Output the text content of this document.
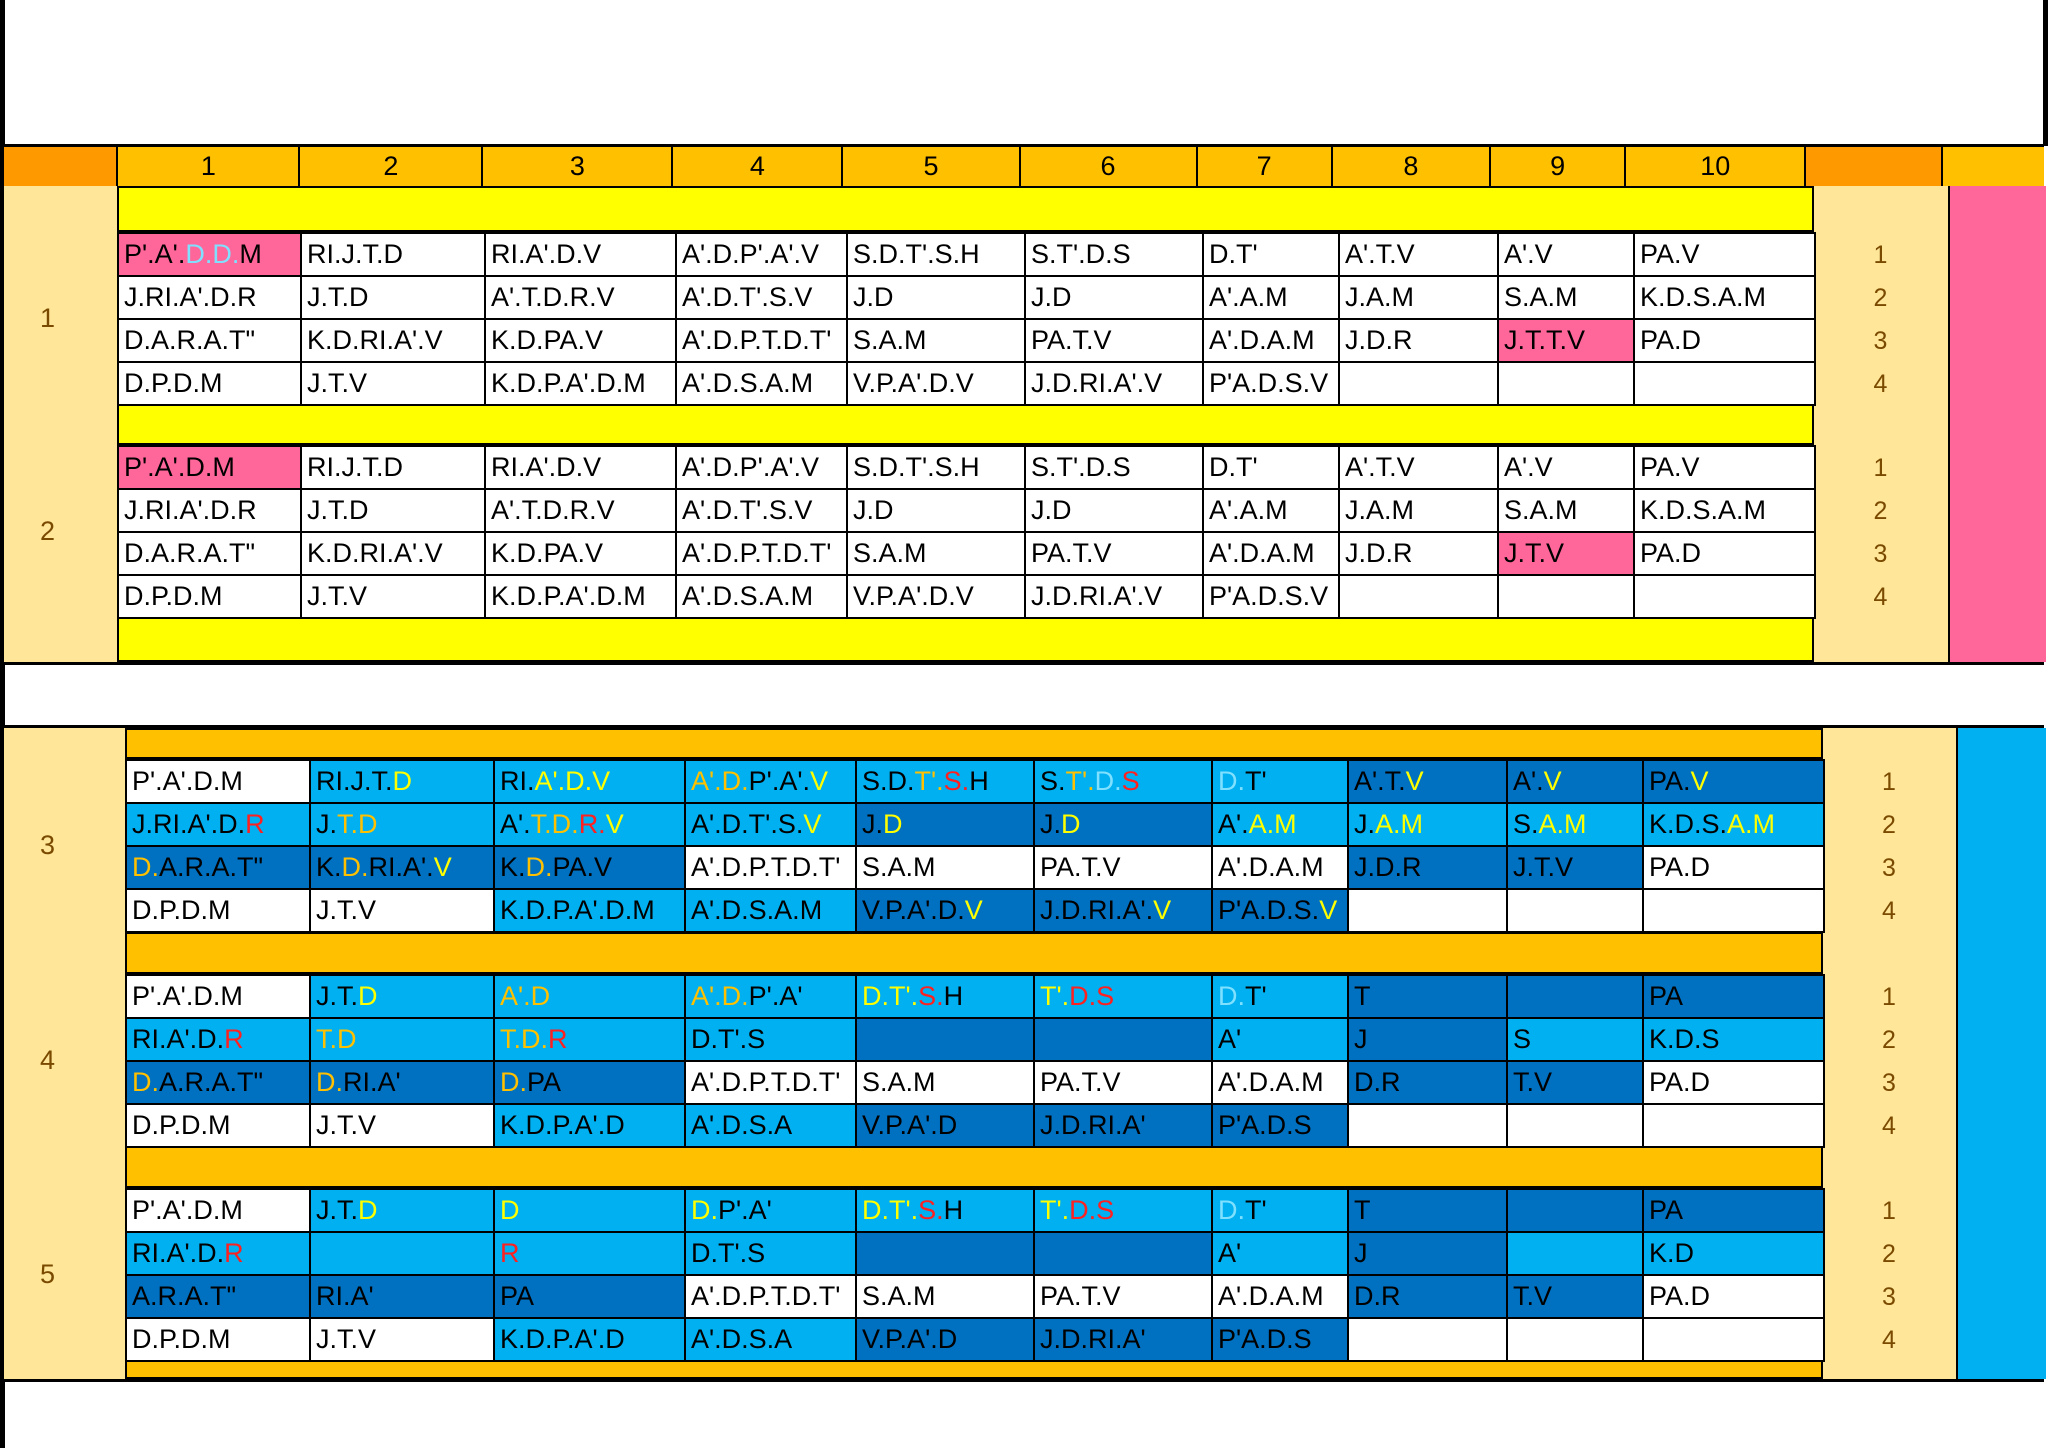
1	2	3	4	5	6	7	8	9	10
P'.A'.D.D.M	RI.J.T.D	RI.A'.D.V	A'.D.P'.A'.V	S.D.T'.S.H	S.T'.D.S	D.T'	A'.T.V	A'.V	PA.V
J.RI.A'.D.R	J.T.D	A'.T.D.R.V	A'.D.T'.S.V	J.D	J.D	A'.A.M	J.A.M	S.A.M	K.D.S.A.M
D.A.R.A.T"	K.D.RI.A'.V	K.D.PA.V	A'.D.P.T.D.T'	S.A.M	PA.T.V	A'.D.A.M	J.D.R	J.T.T.V	PA.D
D.P.D.M	J.T.V	K.D.P.A'.D.M	A'.D.S.A.M	V.P.A'.D.V	J.D.RI.A'.V	P'A.D.S.V			
1
1
2
3
4
P'.A'.D.M	RI.J.T.D	RI.A'.D.V	A'.D.P'.A'.V	S.D.T'.S.H	S.T'.D.S	D.T'	A'.T.V	A'.V	PA.V
J.RI.A'.D.R	J.T.D	A'.T.D.R.V	A'.D.T'.S.V	J.D	J.D	A'.A.M	J.A.M	S.A.M	K.D.S.A.M
D.A.R.A.T"	K.D.RI.A'.V	K.D.PA.V	A'.D.P.T.D.T'	S.A.M	PA.T.V	A'.D.A.M	J.D.R	J.T.V	PA.D
D.P.D.M	J.T.V	K.D.P.A'.D.M	A'.D.S.A.M	V.P.A'.D.V	J.D.RI.A'.V	P'A.D.S.V			
2
1
2
3
4
P'.A'.D.M	RI.J.T.D	RI.A'.D.V	A'.D.P'.A'.V	S.D.T'.S.H	S.T'.D.S	D.T'	A'.T.V	A'.V	PA.V
J.RI.A'.D.R	J.T.D	A'.T.D.R.V	A'.D.T'.S.V	J.D	J.D	A'.A.M	J.A.M	S.A.M	K.D.S.A.M
D.A.R.A.T"	K.D.RI.A'.V	K.D.PA.V	A'.D.P.T.D.T'	S.A.M	PA.T.V	A'.D.A.M	J.D.R	J.T.V	PA.D
D.P.D.M	J.T.V	K.D.P.A'.D.M	A'.D.S.A.M	V.P.A'.D.V	J.D.RI.A'.V	P'A.D.S.V			
3
1
2
3
4
P'.A'.D.M	J.T.D	A'.D	A'.D.P'.A'	D.T'.S.H	T'.D.S	D.T'	T		PA
RI.A'.D.R	T.D	T.D.R	D.T'.S			A'	J	S	K.D.S
D.A.R.A.T"	D.RI.A'	D.PA	A'.D.P.T.D.T'	S.A.M	PA.T.V	A'.D.A.M	D.R	T.V	PA.D
D.P.D.M	J.T.V	K.D.P.A'.D	A'.D.S.A	V.P.A'.D	J.D.RI.A'	P'A.D.S			
4
1
2
3
4
P'.A'.D.M	J.T.D	D	D.P'.A'	D.T'.S.H	T'.D.S	D.T'	T		PA
RI.A'.D.R		R	D.T'.S			A'	J		K.D
A.R.A.T"	RI.A'	PA	A'.D.P.T.D.T'	S.A.M	PA.T.V	A'.D.A.M	D.R	T.V	PA.D
D.P.D.M	J.T.V	K.D.P.A'.D	A'.D.S.A	V.P.A'.D	J.D.RI.A'	P'A.D.S			
5
1
2
3
4
